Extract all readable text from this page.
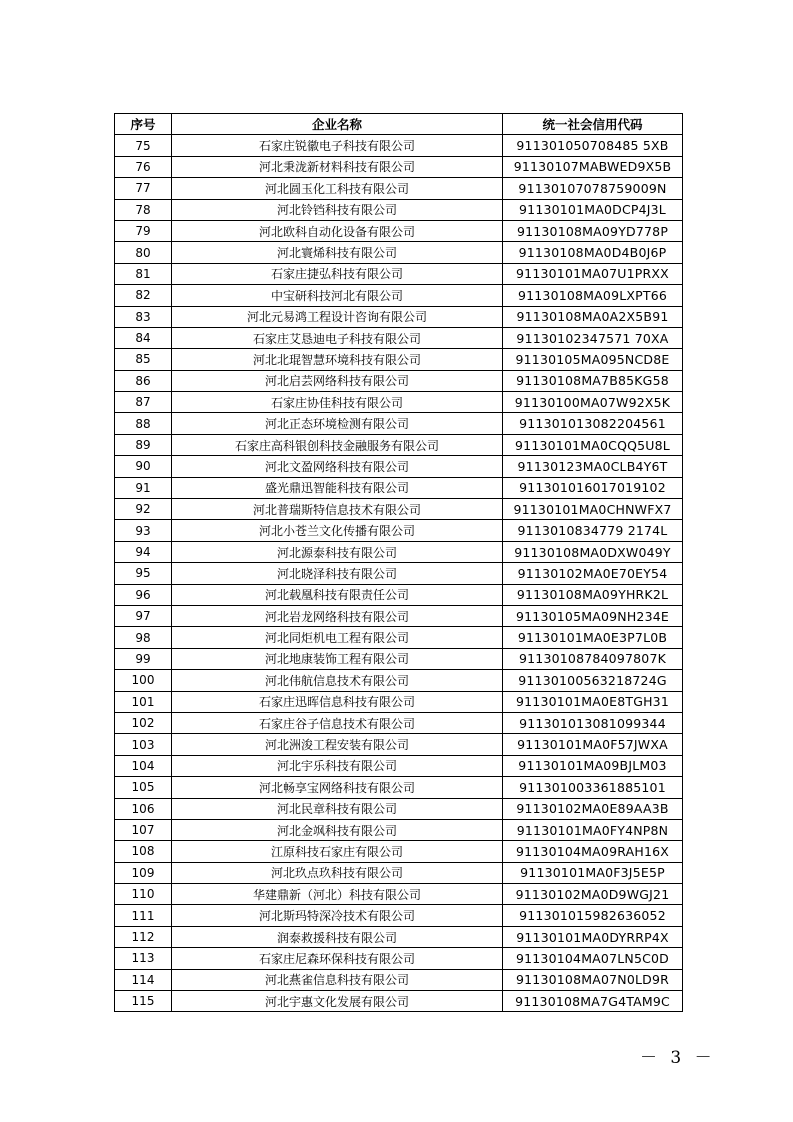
序号	企业名称	统一社会信用代码
75	石家庄锐徽电子科技有限公司	911301050708485 5XB
76	河北秉泷新材料科技有限公司	91130107MABWED9X5B
77	河北圆玉化工科技有限公司	91130107078759009N
78	河北铃铛科技有限公司	91130101MA0DCP4J3L
79	河北欧科自动化设备有限公司	91130108MA09YD778P
80	河北寰烯科技有限公司	91130108MA0D4B0J6P
81	石家庄捷弘科技有限公司	91130101MA07U1PRXX
82	中宝研科技河北有限公司	91130108MA09LXPT66
83	河北元易鸿工程设计咨询有限公司	91130108MA0A2X5B91
84	石家庄艾恳迪电子科技有限公司	91130102347571 70XA
85	河北北琨智慧环境科技有限公司	91130105MA095NCD8E
86	河北启芸网络科技有限公司	91130108MA7B85KG58
87	石家庄协佳科技有限公司	91130100MA07W92X5K
88	河北正态环境检测有限公司	911301013082204561
89	石家庄高科银创科技金融服务有限公司	91130101MA0CQQ5U8L
90	河北文盈网络科技有限公司	91130123MA0CLB4Y6T
91	盛光鼎迅智能科技有限公司	911301016017019102
92	河北普瑞斯特信息技术有限公司	91130101MA0CHNWFX7
93	河北小苍兰文化传播有限公司	9113010834779 2174L
94	河北源泰科技有限公司	91130108MA0DXW049Y
95	河北晓泽科技有限公司	91130102MA0E70EY54
96	河北载凰科技有限责任公司	91130108MA09YHRK2L
97	河北岩龙网络科技有限公司	91130105MA09NH234E
98	河北同炬机电工程有限公司	91130101MA0E3P7L0B
99	河北地康装饰工程有限公司	91130108784097807K
100	河北伟航信息技术有限公司	91130100563218724G
101	石家庄迅晖信息科技有限公司	91130101MA0E8TGH31
102	石家庄谷子信息技术有限公司	911301013081099344
103	河北洲浚工程安装有限公司	91130101MA0F57JWXA
104	河北宇乐科技有限公司	91130101MA09BJLM03
105	河北畅享宝网络科技有限公司	911301003361885101
106	河北民章科技有限公司	91130102MA0E89AA3B
107	河北金飒科技有限公司	91130101MA0FY4NP8N
108	江原科技石家庄有限公司	91130104MA09RAH16X
109	河北玖点玖科技有限公司	91130101MA0F3J5E5P
110	华建鼎新（河北）科技有限公司	91130102MA0D9WGJ21
111	河北斯玛特深冷技术有限公司	911301015982636052
112	润泰救援科技有限公司	91130101MA0DYRRP4X
113	石家庄尼森环保科技有限公司	91130104MA07LN5C0D
114	河北燕雀信息科技有限公司	91130108MA07N0LD9R
115	河北宇惠文化发展有限公司	91130108MA7G4TAM9C
－ 3 －
